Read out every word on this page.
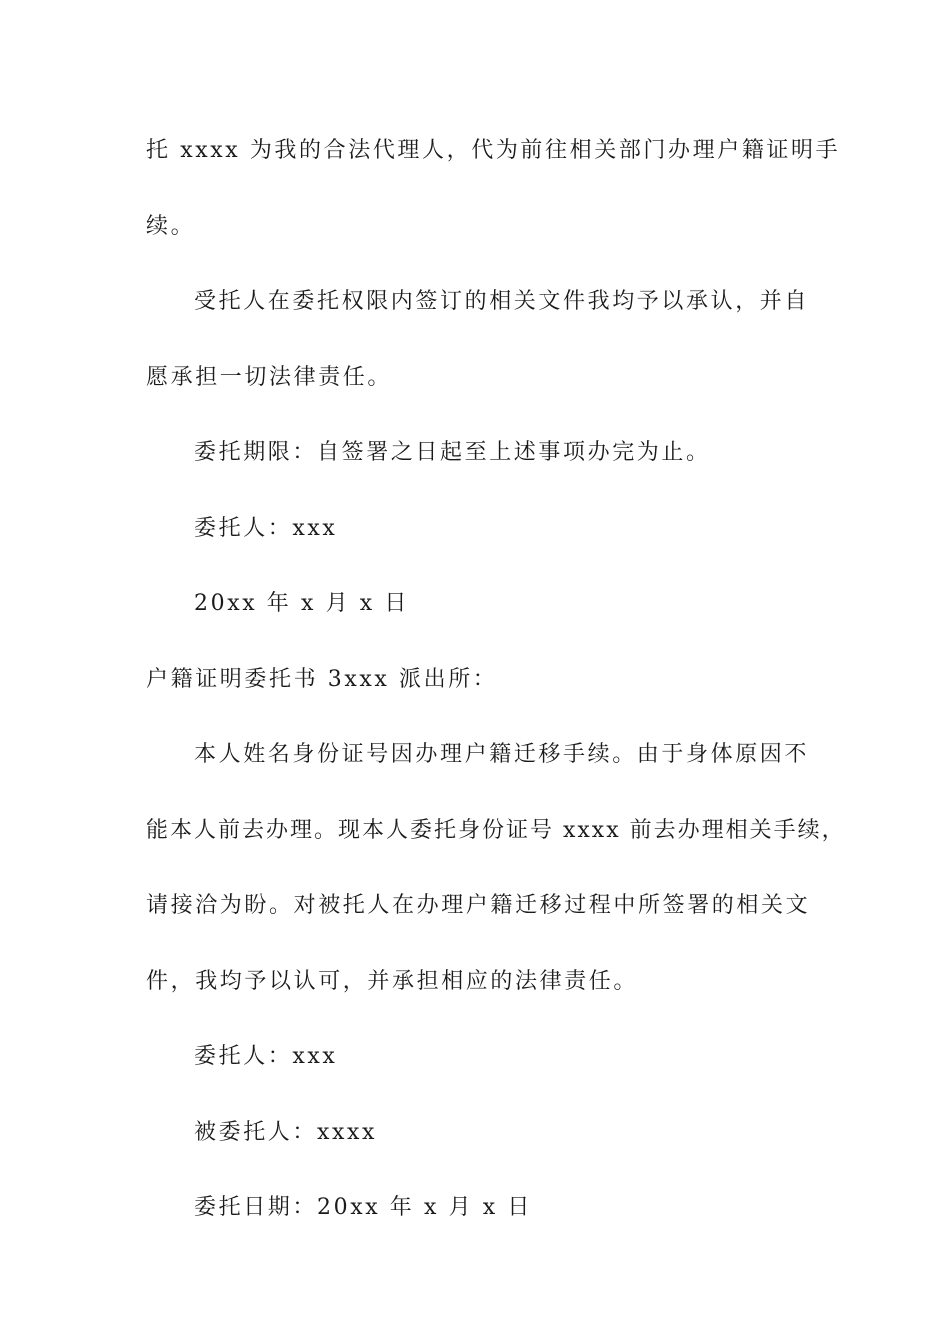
托 xxxx 为我的合法代理人，代为前往相关部门办理户籍证明手
续。
受托人在委托权限内签订的相关文件我均予以承认，并自
愿承担一切法律责任。
委托期限：自签署之日起至上述事项办完为止。
委托人：xxx
20xx 年 x 月 x 日
户籍证明委托书 3xxx 派出所：
本人姓名身份证号因办理户籍迁移手续。由于身体原因不
能本人前去办理。现本人委托身份证号 xxxx 前去办理相关手续，
请接洽为盼。对被托人在办理户籍迁移过程中所签署的相关文
件，我均予以认可，并承担相应的法律责任。
委托人：xxx
被委托人：xxxx
委托日期：20xx 年 x 月 x 日
